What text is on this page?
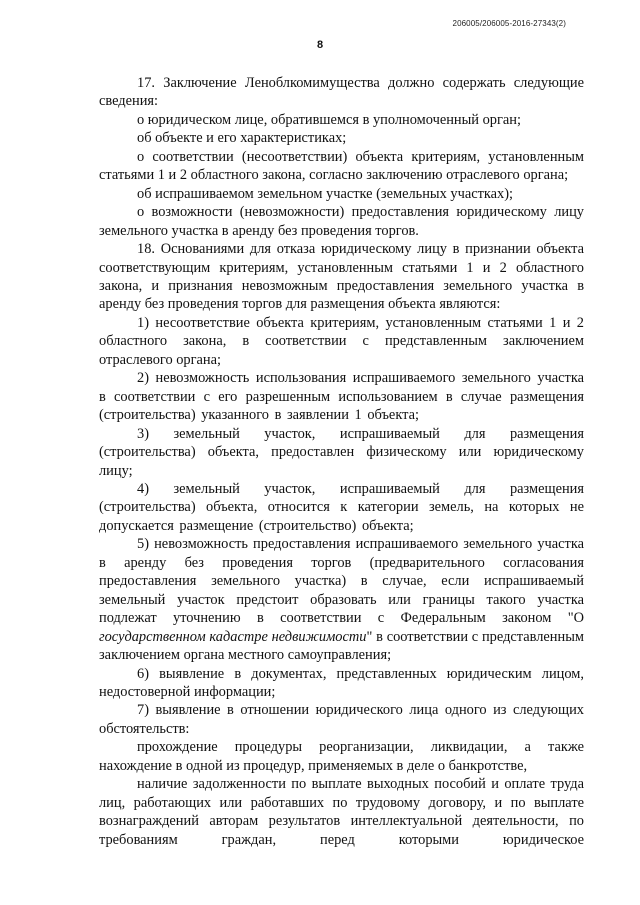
206005/206005-2016-27343(2)
8

17. Заключение Леноблкомимущества должно содержать следующие сведения:

о юридическом лице, обратившемся в уполномоченный орган;

об объекте и его характеристиках;

о соответствии (несоответствии) объекта критериям, установленным статьями 1 и 2 областного закона, согласно заключению отраслевого органа;

об испрашиваемом земельном участке (земельных участках);

о возможности (невозможности) предоставления юридическому лицу земельного участка в аренду без проведения торгов.

18. Основаниями для отказа юридическому лицу в признании объекта соответствующим критериям, установленным статьями 1 и 2 областного закона, и признания невозможным предоставления земельного участка в аренду без проведения торгов для размещения объекта являются:

1) несоответствие объекта критериям, установленным статьями 1 и 2 областного закона, в соответствии с представленным заключением отраслевого органа;

2) невозможность использования испрашиваемого земельного участка в соответствии с его разрешенным использованием в случае размещения (строительства) указанного в заявлении 1 объекта;

3) земельный участок, испрашиваемый для размещения (строительства) объекта, предоставлен физическому или юридическому лицу;

4) земельный участок, испрашиваемый для размещения (строительства) объекта, относится к категории земель, на которых не допускается размещение (строительство) объекта;

5) невозможность предоставления испрашиваемого земельного участка в аренду без проведения торгов (предварительного согласования предоставления земельного участка) в случае, если испрашиваемый земельный участок предстоит образовать или границы такого участка подлежат уточнению в соответствии с Федеральным законом "О государственном кадастре недвижимости" в соответствии с представленным заключением органа местного самоуправления;

6) выявление в документах, представленных юридическим лицом, недостоверной информации;

7) выявление в отношении юридического лица одного из следующих обстоятельств:

прохождение процедуры реорганизации, ликвидации, а также нахождение в одной из процедур, применяемых в деле о банкротстве,

наличие задолженности по выплате выходных пособий и оплате труда лиц, работающих или работавших по трудовому договору, и по выплате вознаграждений авторам результатов интеллектуальной деятельности, по требованиям граждан, перед которыми юридическое
